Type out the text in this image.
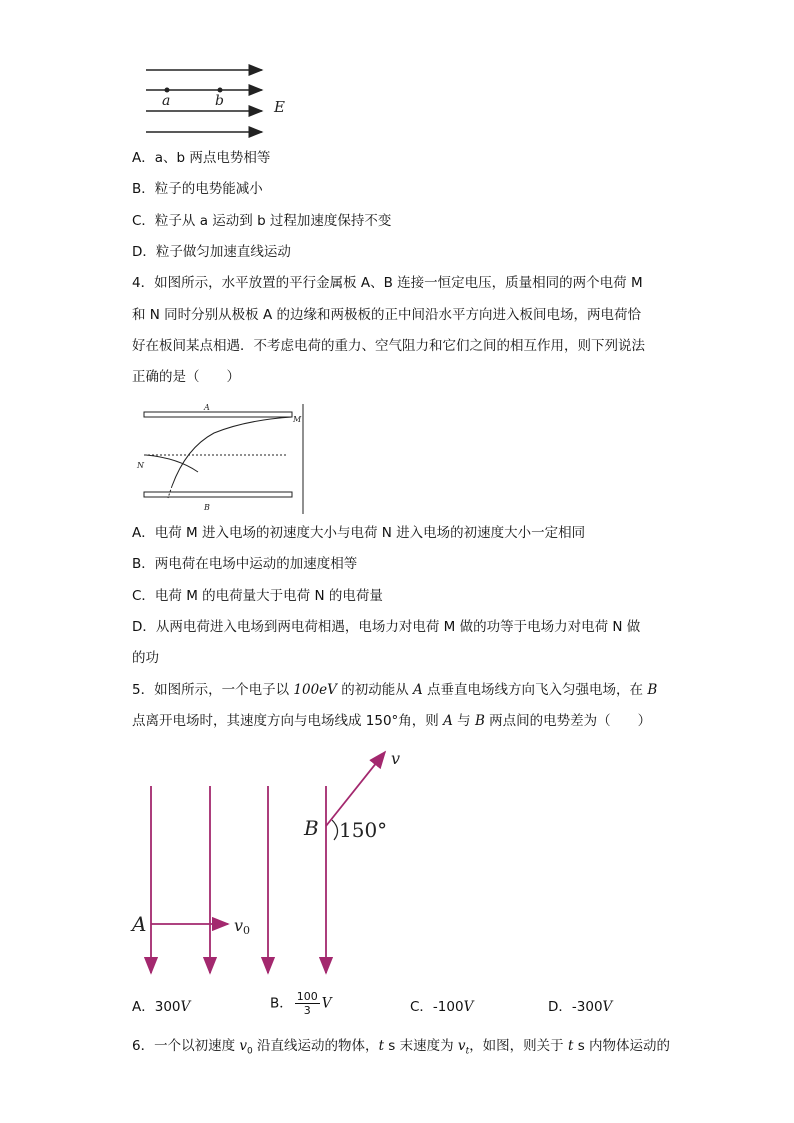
a	b	E
A．a、b 两点电势相等
B．粒子的电势能减小
C．粒子从 a 运动到 b 过程加速度保持不变
D．粒子做匀加速直线运动
4．如图所示，水平放置的平行金属板 A、B 连接一恒定电压，质量相同的两个电荷 M
和 N 同时分别从极板 A 的边缘和两极板的正中间沿水平方向进入板间电场，两电荷恰
好在板间某点相遇．不考虑电荷的重力、空气阻力和它们之间的相互作用，则下列说法
正确的是（　　）
A
B
M
N
A．电荷 M 进入电场的初速度大小与电荷 N 进入电场的初速度大小一定相同
B．两电荷在电场中运动的加速度相等
C．电荷 M 的电荷量大于电荷 N 的电荷量
D．从两电荷进入电场到两电荷相遇，电场力对电荷 M 做的功等于电场力对电荷 N 做
的功
5．如图所示，一个电子以 100eV 的初动能从 A 点垂直电场线方向飞入匀强电场，在 B
点离开电场时，其速度方向与电场线成 150°角，则 A 与 B 两点间的电势差为（　　）
A
B
v
v0
150°
A．300V	B． $\frac{100}{3}$ V	C．-100V	D．-300V
6．一个以初速度 $v_0$ 沿直线运动的物体，t s 末速度为 $v_t$，如图，则关于 t s 内物体运动的
